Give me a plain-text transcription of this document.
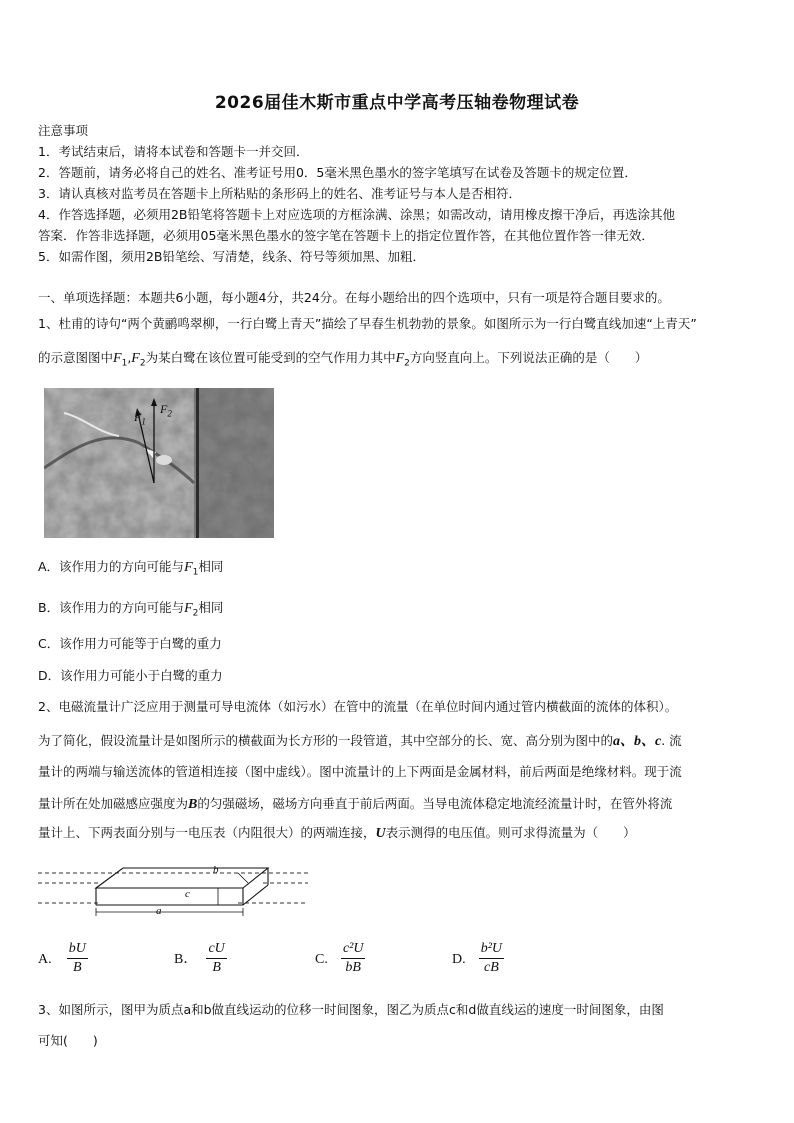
2026届佳木斯市重点中学高考压轴卷物理试卷
注意事项
1．考试结束后，请将本试卷和答题卡一并交回．
2．答题前，请务必将自己的姓名、准考证号用0．5毫米黑色墨水的签字笔填写在试卷及答题卡的规定位置．
3．请认真核对监考员在答题卡上所粘贴的条形码上的姓名、准考证号与本人是否相符．
4．作答选择题，必须用2B铅笔将答题卡上对应选项的方框涂满、涂黑；如需改动，请用橡皮擦干净后，再选涂其他
答案．作答非选择题，必须用05毫米黑色墨水的签字笔在答题卡上的指定位置作答，在其他位置作答一律无效．
5．如需作图，须用2B铅笔绘、写清楚，线条、符号等须加黑、加粗．
一、单项选择题：本题共6小题，每小题4分，共24分。在每小题给出的四个选项中，只有一项是符合题目要求的。
1、杜甫的诗句“两个黄鹂鸣翠柳，一行白鹭上青天”描绘了早春生机勃勃的景象。如图所示为一行白鹭直线加速“上青天”
的示意图图中$F_1,F_2$为某白鹭在该位置可能受到的空气作用力其中$F_2$方向竖直向上。下列说法正确的是（　　）
$F_1$
$F_2$
A．该作用力的方向可能与$F_1$相同
B．该作用力的方向可能与$F_2$相同
C．该作用力可能等于白鹭的重力
D．该作用力可能小于白鹭的重力
2、电磁流量计广泛应用于测量可导电流体（如污水）在管中的流量（在单位时间内通过管内横截面的流体的体积）。
为了简化，假设流量计是如图所示的横截面为长方形的一段管道，其中空部分的长、宽、高分别为图中的a、b、c. 流
量计的两端与输送流体的管道相连接（图中虚线）。图中流量计的上下两面是金属材料，前后两面是绝缘材料。现于流
量计所在处加磁感应强度为B的匀强磁场，磁场方向垂直于前后两面。当导电流体稳定地流经流量计时，在管外将流
量计上、下两表面分别与一电压表（内阻很大）的两端连接，U表示测得的电压值。则可求得流量为（　　）
b
c
a
A. $\frac{bU}{B}$	B． $\frac{cU}{B}$	C. $\frac{\text{c²U}}{bB}$	D. $\frac{\text{b²U}}{cB}$
3、如图所示，图甲为质点a和b做直线运动的位移一时间图象，图乙为质点c和d做直线运的速度一时间图象，由图
可知(　　)
